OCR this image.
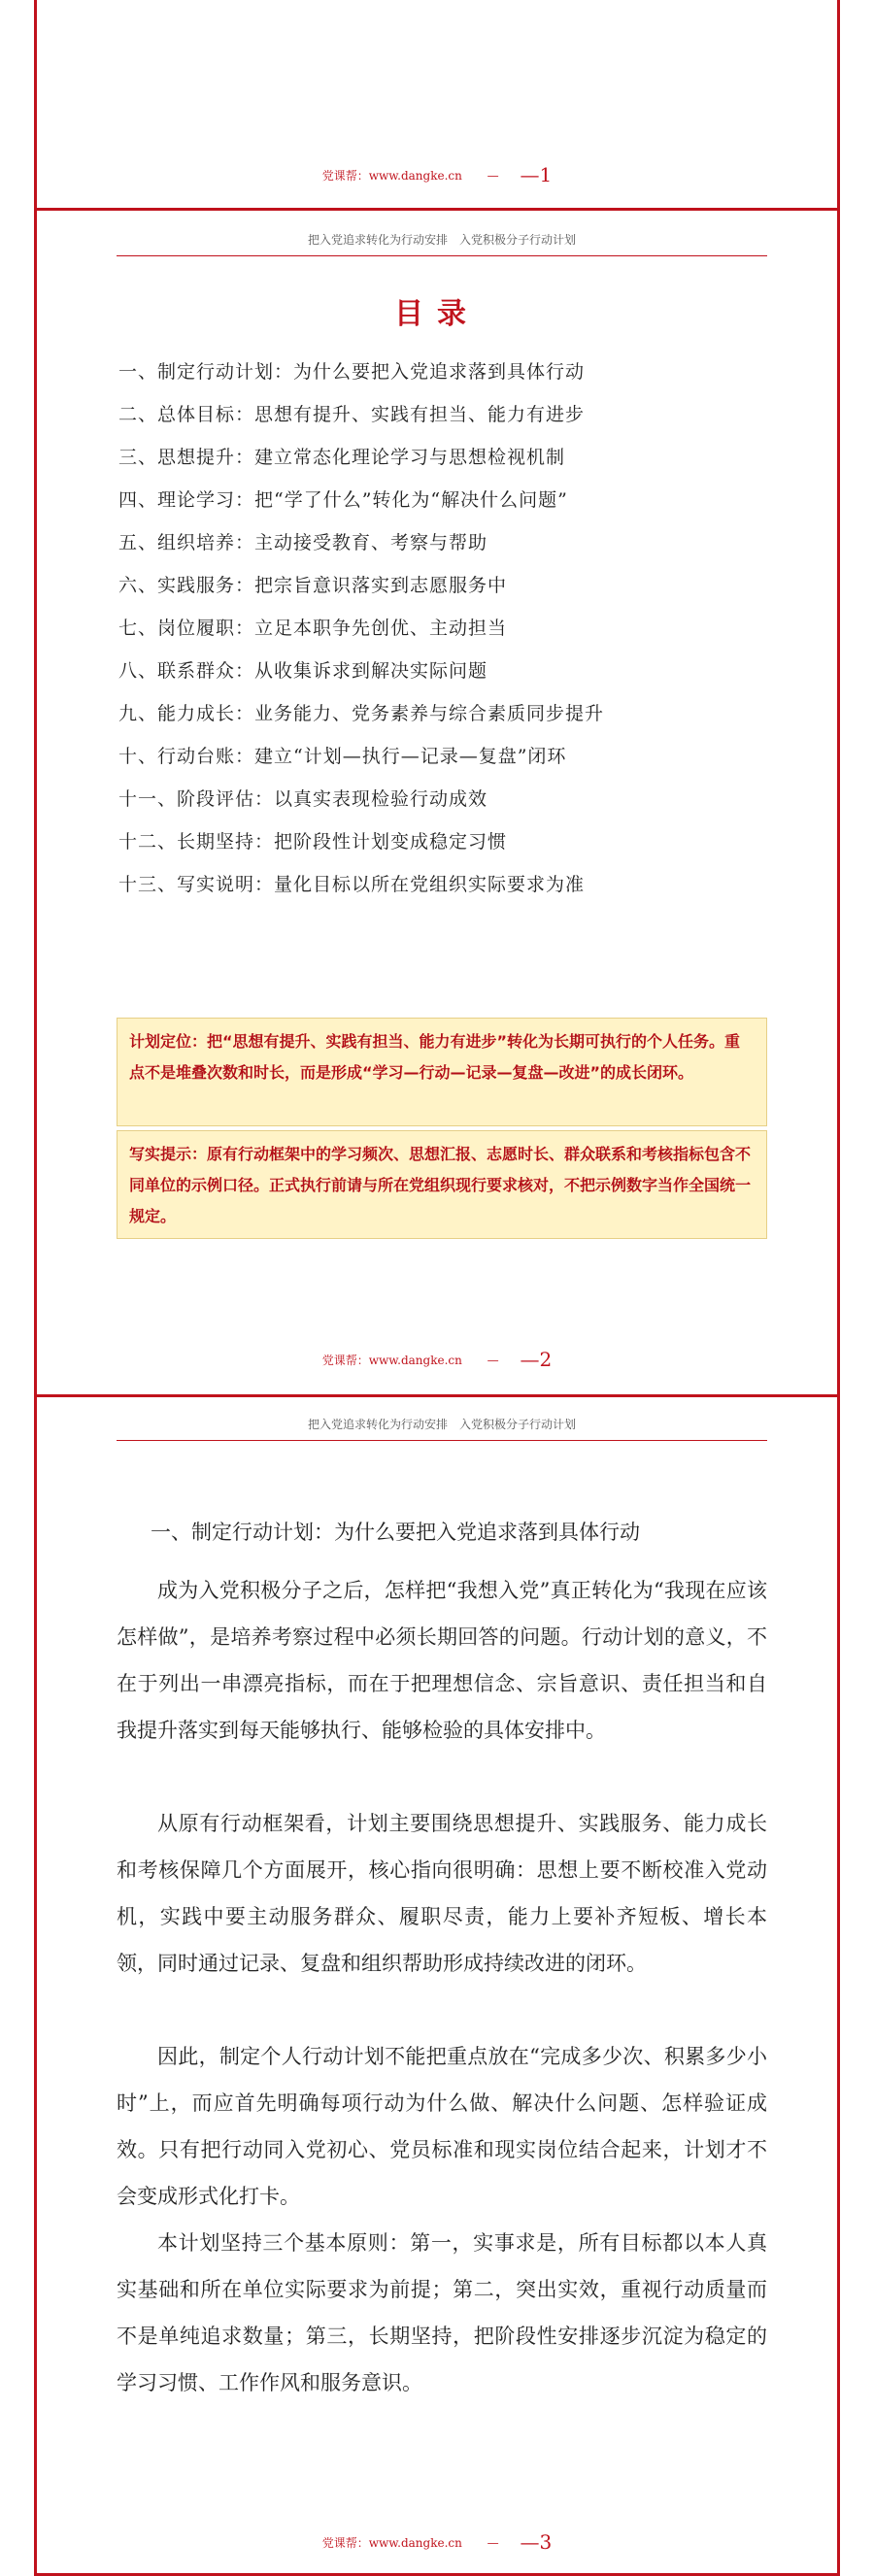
党课帮：www.dangke.cn — —1
把入党追求转化为行动安排　入党积极分子行动计划
目录
一、制定行动计划：为什么要把入党追求落到具体行动
二、总体目标：思想有提升、实践有担当、能力有进步
三、思想提升：建立常态化理论学习与思想检视机制
四、理论学习：把“学了什么”转化为“解决什么问题”
五、组织培养：主动接受教育、考察与帮助
六、实践服务：把宗旨意识落实到志愿服务中
七、岗位履职：立足本职争先创优、主动担当
八、联系群众：从收集诉求到解决实际问题
九、能力成长：业务能力、党务素养与综合素质同步提升
十、行动台账：建立“计划—执行—记录—复盘”闭环
十一、阶段评估：以真实表现检验行动成效
十二、长期坚持：把阶段性计划变成稳定习惯
十三、写实说明：量化目标以所在党组织实际要求为准
计划定位：把“思想有提升、实践有担当、能力有进步”转化为长期可执行的个人任务。重点不是堆叠次数和时长，而是形成“学习—行动—记录—复盘—改进”的成长闭环。
写实提示：原有行动框架中的学习频次、思想汇报、志愿时长、群众联系和考核指标包含不同单位的示例口径。正式执行前请与所在党组织现行要求核对，不把示例数字当作全国统一规定。
党课帮：www.dangke.cn — —2
把入党追求转化为行动安排　入党积极分子行动计划
一、制定行动计划：为什么要把入党追求落到具体行动

成为入党积极分子之后，怎样把“我想入党”真正转化为“我现在应该怎样做”，是培养考察过程中必须长期回答的问题。行动计划的意义，不在于列出一串漂亮指标，而在于把理想信念、宗旨意识、责任担当和自我提升落实到每天能够执行、能够检验的具体安排中。

从原有行动框架看，计划主要围绕思想提升、实践服务、能力成长和考核保障几个方面展开，核心指向很明确：思想上要不断校准入党动机，实践中要主动服务群众、履职尽责，能力上要补齐短板、增长本领，同时通过记录、复盘和组织帮助形成持续改进的闭环。

因此，制定个人行动计划不能把重点放在“完成多少次、积累多少小时”上，而应首先明确每项行动为什么做、解决什么问题、怎样验证成效。只有把行动同入党初心、党员标准和现实岗位结合起来，计划才不会变成形式化打卡。

本计划坚持三个基本原则：第一，实事求是，所有目标都以本人真实基础和所在单位实际要求为前提；第二，突出实效，重视行动质量而不是单纯追求数量；第三，长期坚持，把阶段性安排逐步沉淀为稳定的学习习惯、工作作风和服务意识。

党课帮：www.dangke.cn — —3
